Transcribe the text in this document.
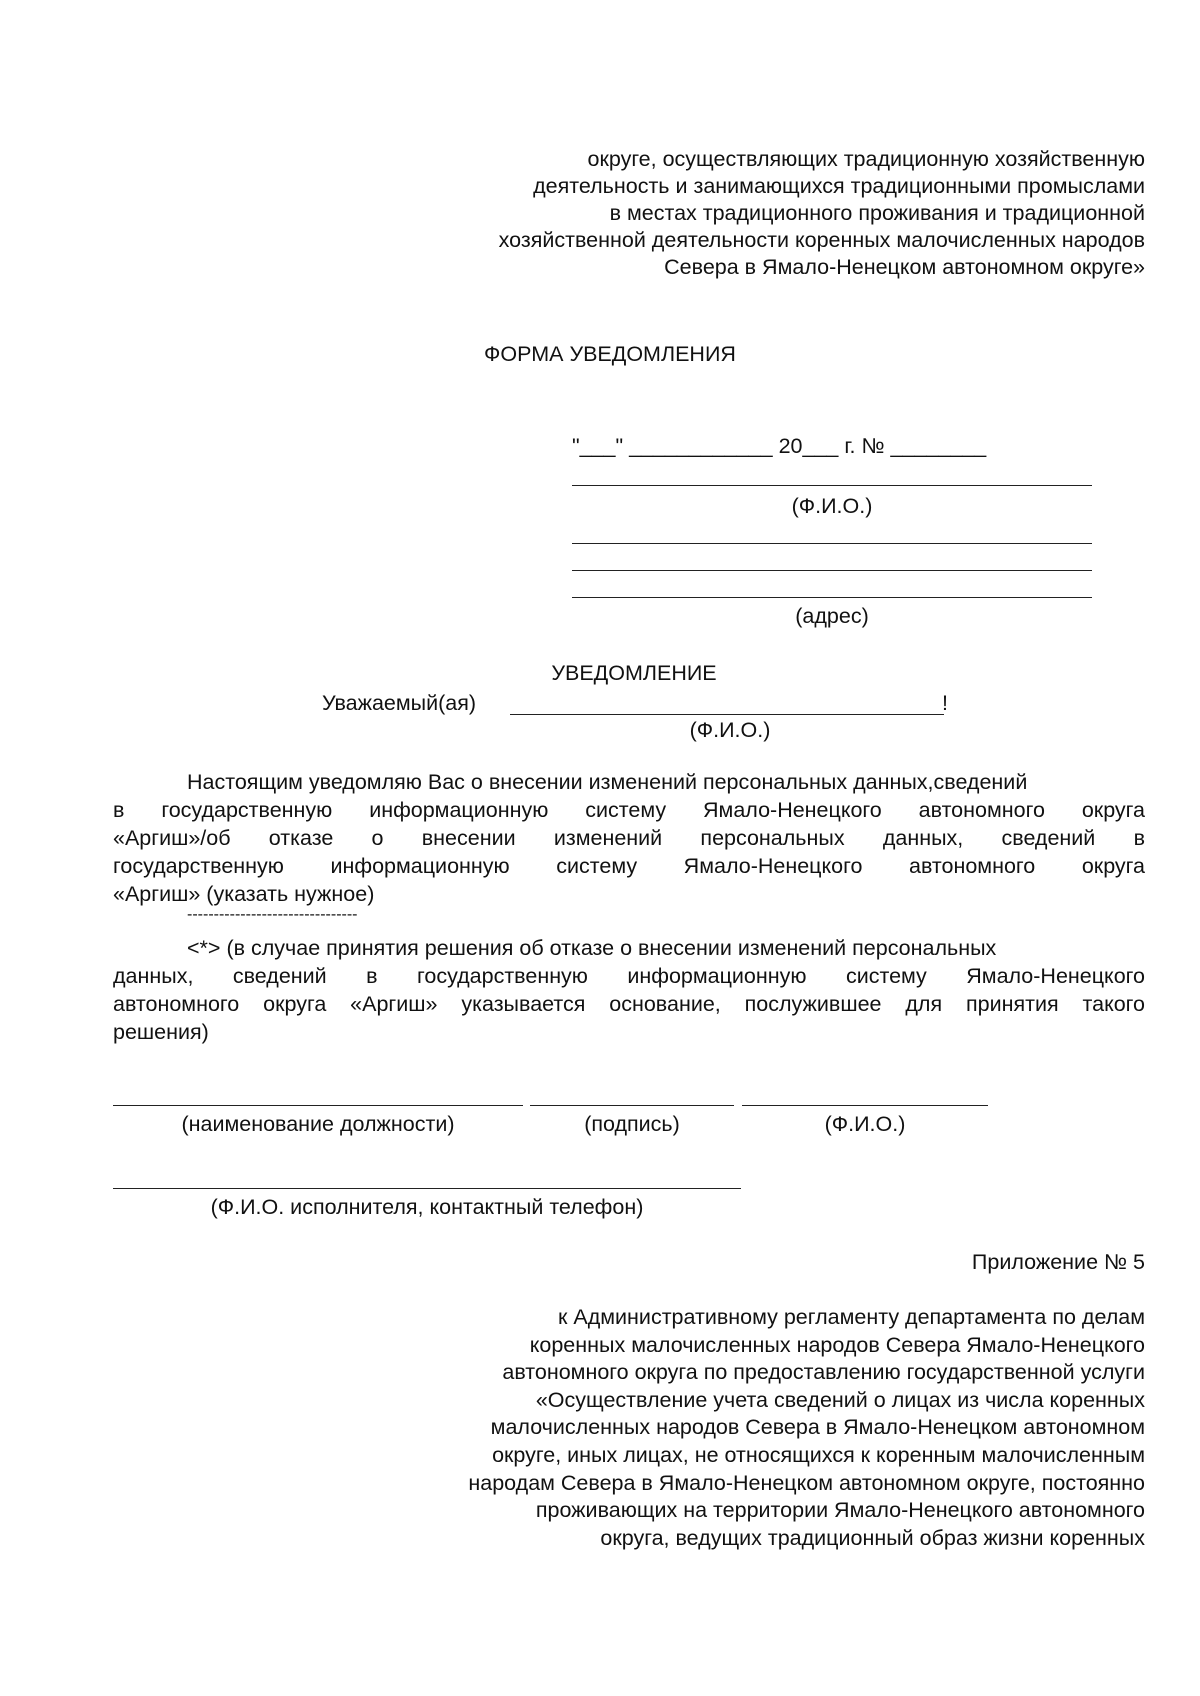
округе, осуществляющих традиционную хозяйственную
деятельность и занимающихся традиционными промыслами
в местах традиционного проживания и традиционной
хозяйственной деятельности коренных малочисленных народов
Севера в Ямало-Ненецком автономном округе»
ФОРМА УВЕДОМЛЕНИЯ
"___" ____________ 20___ г. № ________
(Ф.И.О.)
(адрес)
УВЕДОМЛЕНИЕ
Уважаемый(ая)	!
(Ф.И.О.)
Настоящим уведомляю Вас о внесении изменений персональных данных,сведений
в государственную информационную систему Ямало-Ненецкого автономного округа
«Аргиш»/об отказе о внесении изменений персональных данных, сведений в
государственную информационную систему Ямало-Ненецкого автономного округа
«Аргиш» (указать нужное)
--------------------------------
<*> (в случае принятия решения об отказе о внесении изменений персональных
данных, сведений в государственную информационную систему Ямало-Ненецкого
автономного округа «Аргиш» указывается основание, послужившее для принятия такого
решения)
(наименование должности)	(подпись)	(Ф.И.О.)
(Ф.И.О. исполнителя, контактный телефон)
Приложение № 5
к Административному регламенту департамента по делам
коренных малочисленных народов Севера Ямало-Ненецкого
автономного округа по предоставлению государственной услуги
«Осуществление учета сведений о лицах из числа коренных
малочисленных народов Севера в Ямало-Ненецком автономном
округе, иных лицах, не относящихся к коренным малочисленным
народам Севера в Ямало-Ненецком автономном округе, постоянно
проживающих на территории Ямало-Ненецкого автономного
округа, ведущих традиционный образ жизни коренных
